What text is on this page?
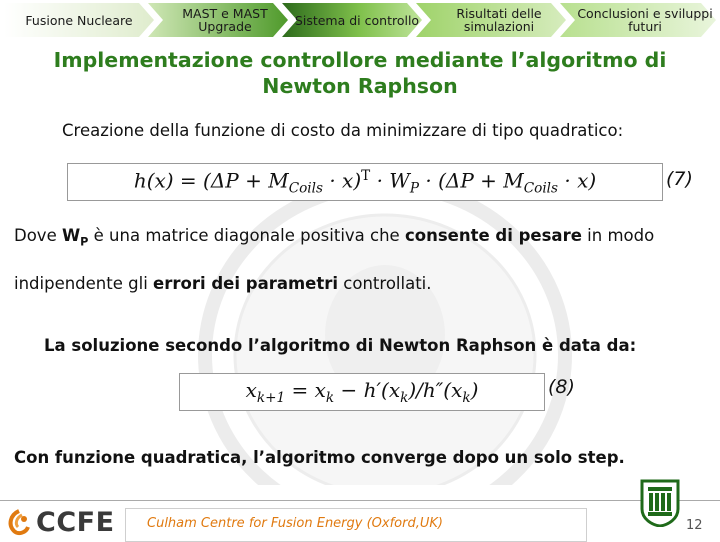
Fusione Nucleare	MAST e MAST Upgrade	Sistema di controllo	Risultati delle simulazioni
Conclusioni e sviluppi futuri
Implementazione controllore mediante l’algoritmo di Newton Raphson
Creazione della funzione di costo da minimizzare di tipo quadratico:
$h(x) = (\Delta P + M_{Coils} \cdot x)^T \cdot W_P \cdot (\Delta P + M_{Coils} \cdot x)$	(7)
Dove $W_P$ è una matrice diagonale positiva che consente di pesare in modo
indipendente gli errori dei parametri controllati.
La soluzione secondo l’algoritmo di Newton Raphson è data da:
$x_{k+1} = x_k - h'(x_k)/h''(x_k)$	(8)
Con funzione quadratica, l’algoritmo converge dopo un solo step.
CCFE Culham Centre for Fusion Energy (Oxford,UK)	12
